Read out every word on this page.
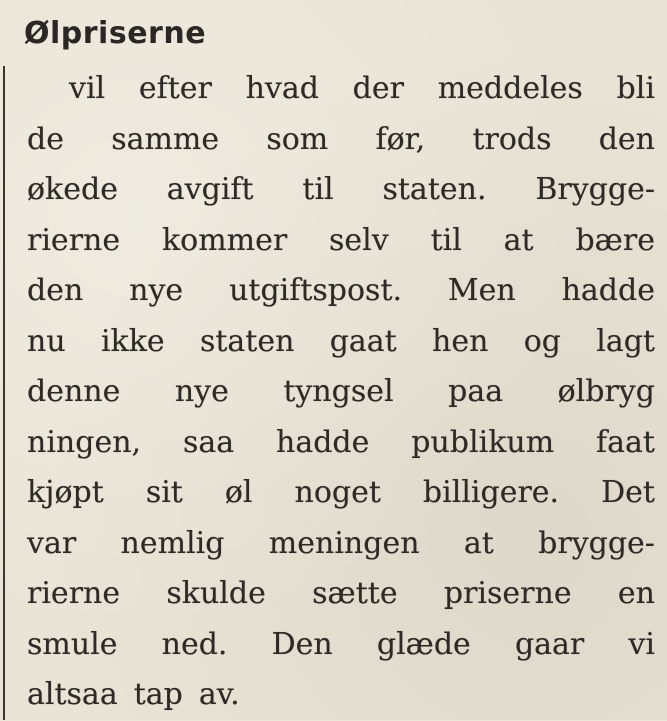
Ølpriserne
vil efter hvad der meddeles bli
de samme som før, trods den
økede avgift til staten. Brygge-
rierne kommer selv til at bære
den nye utgiftspost. Men hadde
nu ikke staten gaat hen og lagt
denne nye tyngsel paa ølbryg
ningen, saa hadde publikum faat
kjøpt sit øl noget billigere. Det
var nemlig meningen at brygge-
rierne skulde sætte priserne en
smule ned. Den glæde gaar vi
altsaa tap av.
